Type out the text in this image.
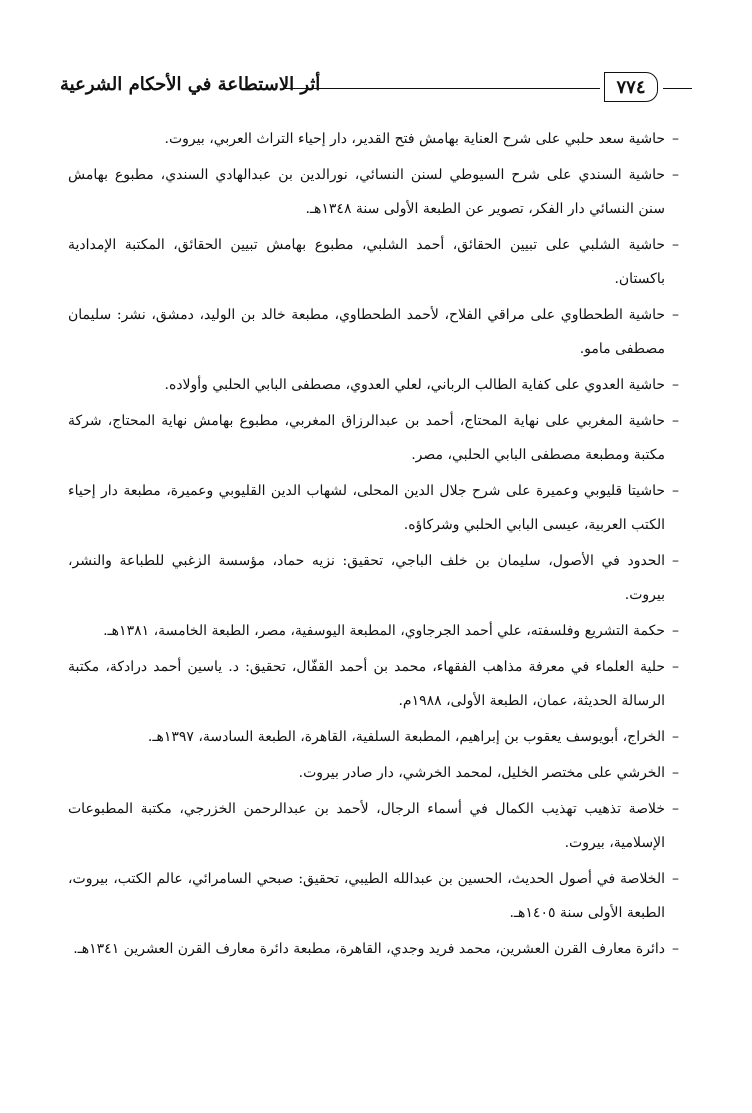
أثر الاستطاعة في الأحكام الشرعية	٧٧٤
–
حاشية سعد حلبي على شرح العناية بهامش فتح القدير، دار إحياء التراث العربي، بيروت.
–
حاشية السندي على شرح السيوطي لسنن النسائي، نورالدين بن عبدالهادي السندي، مطبوع بهامش سنن النسائي دار الفكر، تصوير عن الطبعة الأولى سنة ١٣٤٨هـ.
–
حاشية الشلبي على تبيين الحقائق، أحمد الشلبي، مطبوع بهامش تبيين الحقائق، المكتبة الإمدادية باكستان.
–
حاشية الطحطاوي على مراقي الفلاح، لأحمد الطحطاوي، مطبعة خالد بن الوليد، دمشق، نشر: سليمان مصطفى مامو.
–
حاشية العدوي على كفاية الطالب الرباني، لعلي العدوي، مصطفى البابي الحلبي وأولاده.
–
حاشية المغربي على نهاية المحتاج، أحمد بن عبدالرزاق المغربي، مطبوع بهامش نهاية المحتاج، شركة مكتبة ومطبعة مصطفى البابي الحلبي، مصر.
–
حاشيتا قليوبي وعميرة على شرح جلال الدين المحلى، لشهاب الدين القليوبي وعميرة، مطبعة دار إحياء الكتب العربية، عيسى البابي الحلبي وشركاؤه.
–
الحدود في الأصول، سليمان بن خلف الباجي، تحقيق: نزيه حماد، مؤسسة الزغبي للطباعة والنشر، بيروت.
–
حكمة التشريع وفلسفته، علي أحمد الجرجاوي، المطبعة اليوسفية، مصر، الطبعة الخامسة، ١٣٨١هـ.
–
حلية العلماء في معرفة مذاهب الفقهاء، محمد بن أحمد القفّال، تحقيق: د. ياسين أحمد درادكة، مكتبة الرسالة الحديثة، عمان، الطبعة الأولى، ١٩٨٨م.
–
الخراج، أبويوسف يعقوب بن إبراهيم، المطبعة السلفية، القاهرة، الطبعة السادسة، ١٣٩٧هـ.
–
الخرشي على مختصر الخليل، لمحمد الخرشي، دار صادر بيروت.
–
خلاصة تذهيب تهذيب الكمال في أسماء الرجال، لأحمد بن عبدالرحمن الخزرجي، مكتبة المطبوعات الإسلامية، بيروت.
–
الخلاصة في أصول الحديث، الحسين بن عبدالله الطيبي، تحقيق: صبحي السامرائي، عالم الكتب، بيروت، الطبعة الأولى سنة ١٤٠٥هـ.
–
دائرة معارف القرن العشرين، محمد فريد وجدي، القاهرة، مطبعة دائرة معارف القرن العشرين ١٣٤١هـ.
